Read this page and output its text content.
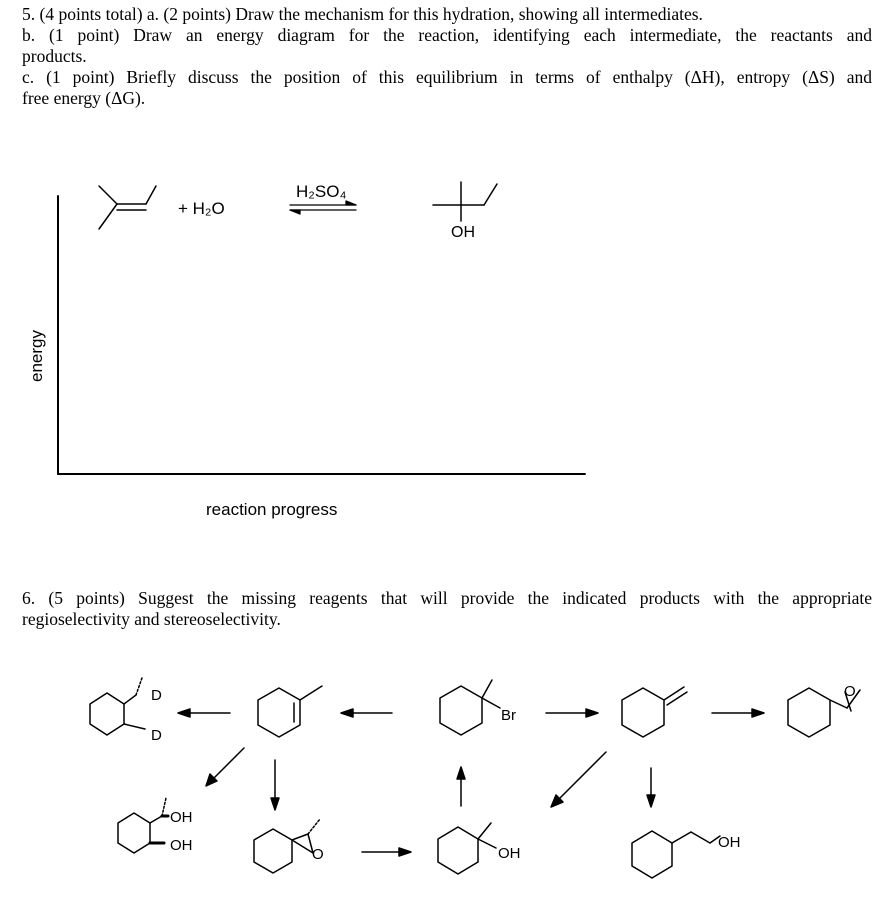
5. (4 points total) a. (2 points) Draw the mechanism for this hydration, showing all intermediates.
b. (1 point) Draw an energy diagram for the reaction, identifying each intermediate, the reactants and
products.
c. (1 point) Briefly discuss the position of this equilibrium in terms of enthalpy (ΔH), entropy (ΔS) and
free energy (ΔG).
6. (5 points) Suggest the missing reagents that will provide the indicated products with the appropriate
regioselectivity and stereoselectivity.
+ H₂O
H₂SO₄
OH
energy
reaction progress
D
D
Br
O
OH
OH
O	OH
OH
